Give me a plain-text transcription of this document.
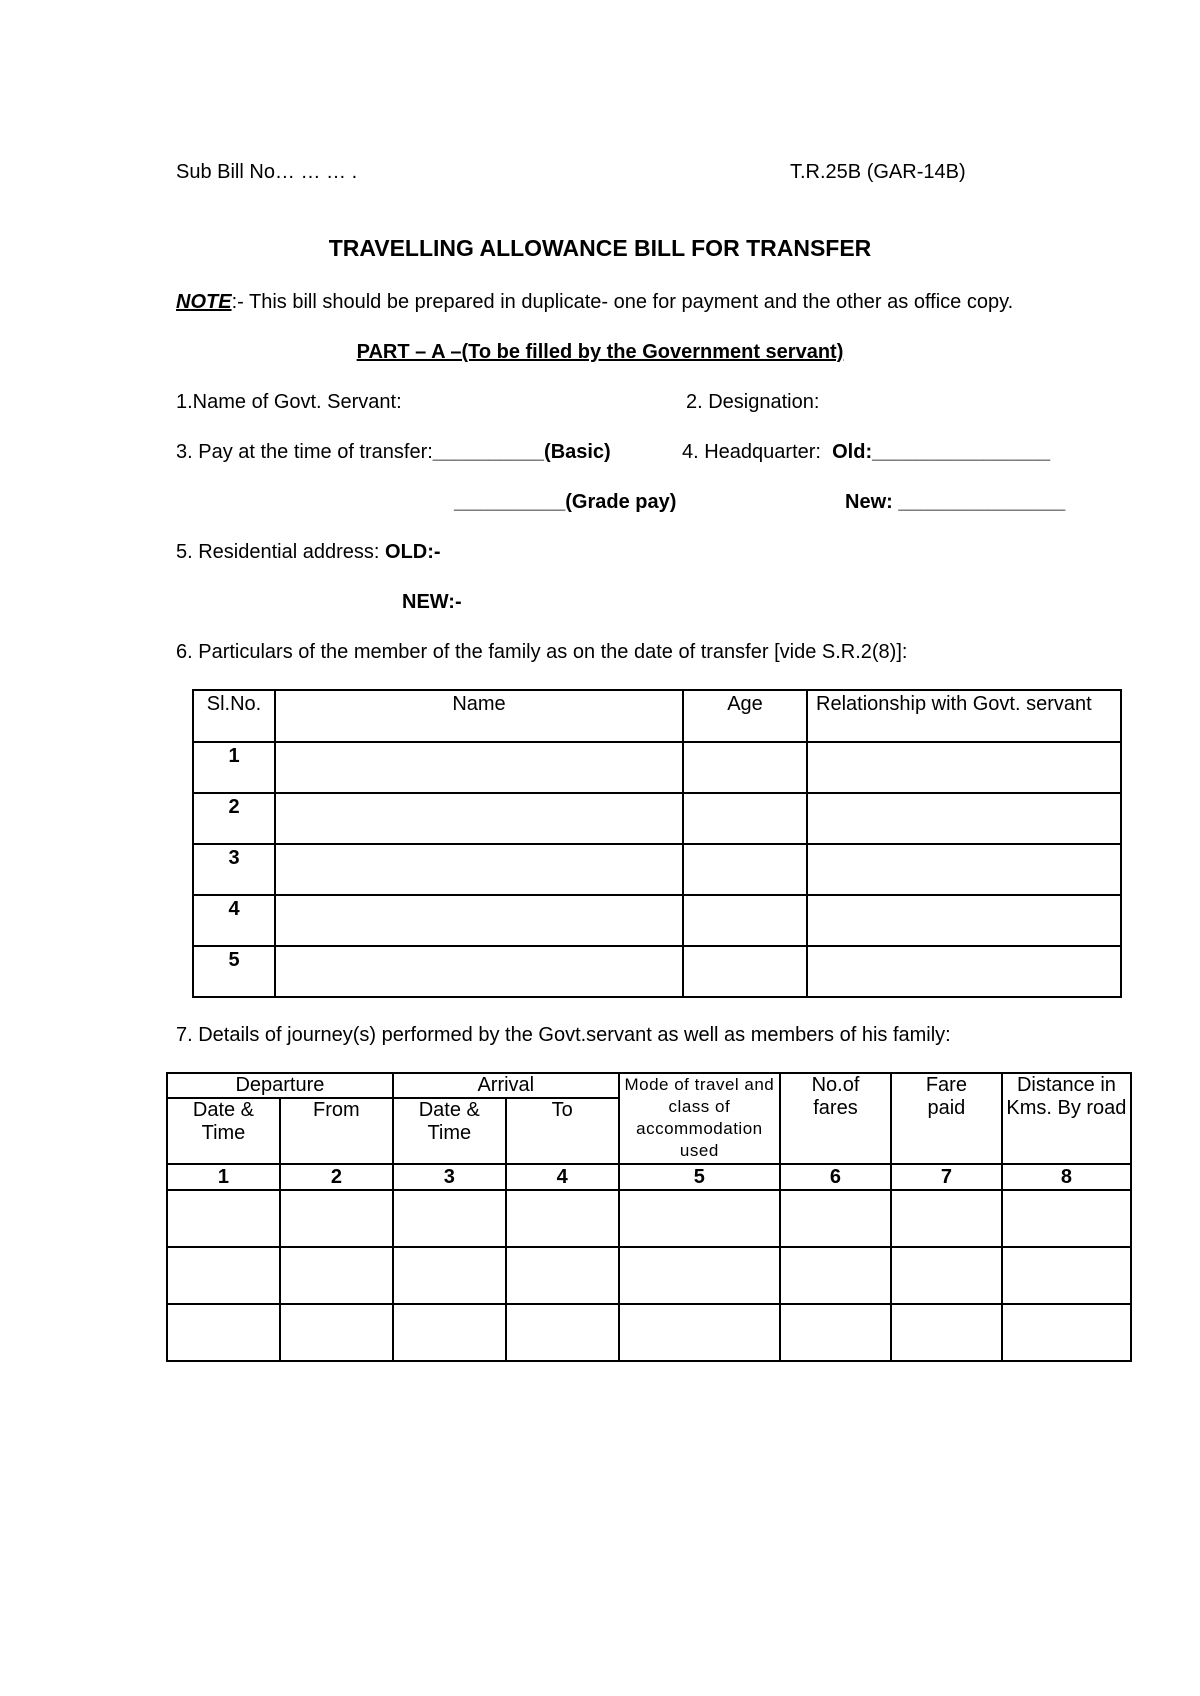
Sub Bill No… … … .	T.R.25B (GAR-14B)
TRAVELLING ALLOWANCE BILL FOR TRANSFER
NOTE:- This bill should be prepared in duplicate- one for payment and the other as office copy.
PART – A –(To be filled by the Government servant)
1.Name of Govt. Servant:	2. Designation:
3. Pay at the time of transfer:__________(Basic)	4. Headquarter: Old:________________
__________(Grade pay)	New: _______________
5. Residential address: OLD:-
NEW:-
6. Particulars of the member of the family as on the date of transfer [vide S.R.2(8)]:
Sl.No.	Name	Age	Relationship with Govt. servant
1			
2			
3			
4			
5			
7. Details of journey(s) performed by the Govt.servant as well as members of his family:
Departure		Arrival		Mode of travel and class of accommodation used	No.of fares	Fare paid	Distance in Kms. By road

Date & Time	From	Date & Time	To				
1	2	3	4	5	6	7	8
